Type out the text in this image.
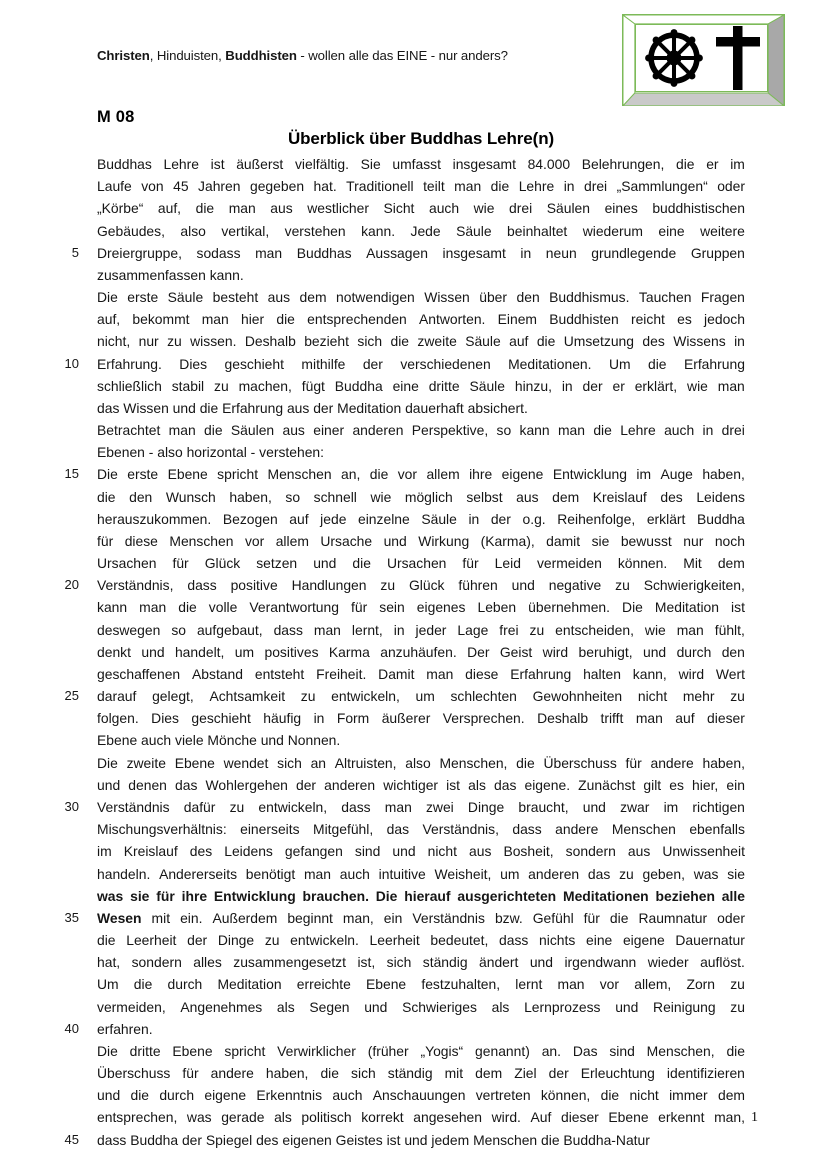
Christen, Hinduisten, Buddhisten - wollen alle das EINE - nur anders?
M 08
Überblick über Buddhas Lehre(n)
Buddhas Lehre ist äußerst vielfältig. Sie umfasst insgesamt 84.000 Belehrungen, die er im
Laufe von 45 Jahren gegeben hat. Traditionell teilt man die Lehre in drei „Sammlungen“ oder
„Körbe“ auf, die man aus westlicher Sicht auch wie drei Säulen eines buddhistischen
Gebäudes, also vertikal, verstehen kann. Jede Säule beinhaltet wiederum eine weitere
5 Dreiergruppe, sodass man Buddhas Aussagen insgesamt in neun grundlegende Gruppen
zusammenfassen kann.
Die erste Säule besteht aus dem notwendigen Wissen über den Buddhismus. Tauchen Fragen
auf, bekommt man hier die entsprechenden Antworten. Einem Buddhisten reicht es jedoch
nicht, nur zu wissen. Deshalb bezieht sich die zweite Säule auf die Umsetzung des Wissens in
10 Erfahrung. Dies geschieht mithilfe der verschiedenen Meditationen. Um die Erfahrung
schließlich stabil zu machen, fügt Buddha eine dritte Säule hinzu, in der er erklärt, wie man
das Wissen und die Erfahrung aus der Meditation dauerhaft absichert.
Betrachtet man die Säulen aus einer anderen Perspektive, so kann man die Lehre auch in drei
Ebenen - also horizontal - verstehen:
15 Die erste Ebene spricht Menschen an, die vor allem ihre eigene Entwicklung im Auge haben,
die den Wunsch haben, so schnell wie möglich selbst aus dem Kreislauf des Leidens
herauszukommen. Bezogen auf jede einzelne Säule in der o.g. Reihenfolge, erklärt Buddha
für diese Menschen vor allem Ursache und Wirkung (Karma), damit sie bewusst nur noch
Ursachen für Glück setzen und die Ursachen für Leid vermeiden können. Mit dem
20 Verständnis, dass positive Handlungen zu Glück führen und negative zu Schwierigkeiten,
kann man die volle Verantwortung für sein eigenes Leben übernehmen. Die Meditation ist
deswegen so aufgebaut, dass man lernt, in jeder Lage frei zu entscheiden, wie man fühlt,
denkt und handelt, um positives Karma anzuhäufen. Der Geist wird beruhigt, und durch den
geschaffenen Abstand entsteht Freiheit. Damit man diese Erfahrung halten kann, wird Wert
25 darauf gelegt, Achtsamkeit zu entwickeln, um schlechten Gewohnheiten nicht mehr zu
folgen. Dies geschieht häufig in Form äußerer Versprechen. Deshalb trifft man auf dieser
Ebene auch viele Mönche und Nonnen.
Die zweite Ebene wendet sich an Altruisten, also Menschen, die Überschuss für andere haben,
und denen das Wohlergehen der anderen wichtiger ist als das eigene. Zunächst gilt es hier, ein
30 Verständnis dafür zu entwickeln, dass man zwei Dinge braucht, und zwar im richtigen
Mischungsverhältnis: einerseits Mitgefühl, das Verständnis, dass andere Menschen ebenfalls
im Kreislauf des Leidens gefangen sind und nicht aus Bosheit, sondern aus Unwissenheit
handeln. Andererseits benötigt man auch intuitive Weisheit, um anderen das zu geben, was sie
was sie für ihre Entwicklung brauchen. Die hierauf ausgerichteten Meditationen beziehen alle
35 Wesen mit ein. Außerdem beginnt man, ein Verständnis bzw. Gefühl für die Raumnatur oder
die Leerheit der Dinge zu entwickeln. Leerheit bedeutet, dass nichts eine eigene Dauernatur
hat, sondern alles zusammengesetzt ist, sich ständig ändert und irgendwann wieder auflöst.
Um die durch Meditation erreichte Ebene festzuhalten, lernt man vor allem, Zorn zu
vermeiden, Angenehmes als Segen und Schwieriges als Lernprozess und Reinigung zu
40 erfahren.
Die dritte Ebene spricht Verwirklicher (früher „Yogis“ genannt) an. Das sind Menschen, die
Überschuss für andere haben, die sich ständig mit dem Ziel der Erleuchtung identifizieren
und die durch eigene Erkenntnis auch Anschauungen vertreten können, die nicht immer dem
entsprechen, was gerade als politisch korrekt angesehen wird. Auf dieser Ebene erkennt man,
45 dass Buddha der Spiegel des eigenen Geistes ist und jedem Menschen die Buddha-Natur
1
